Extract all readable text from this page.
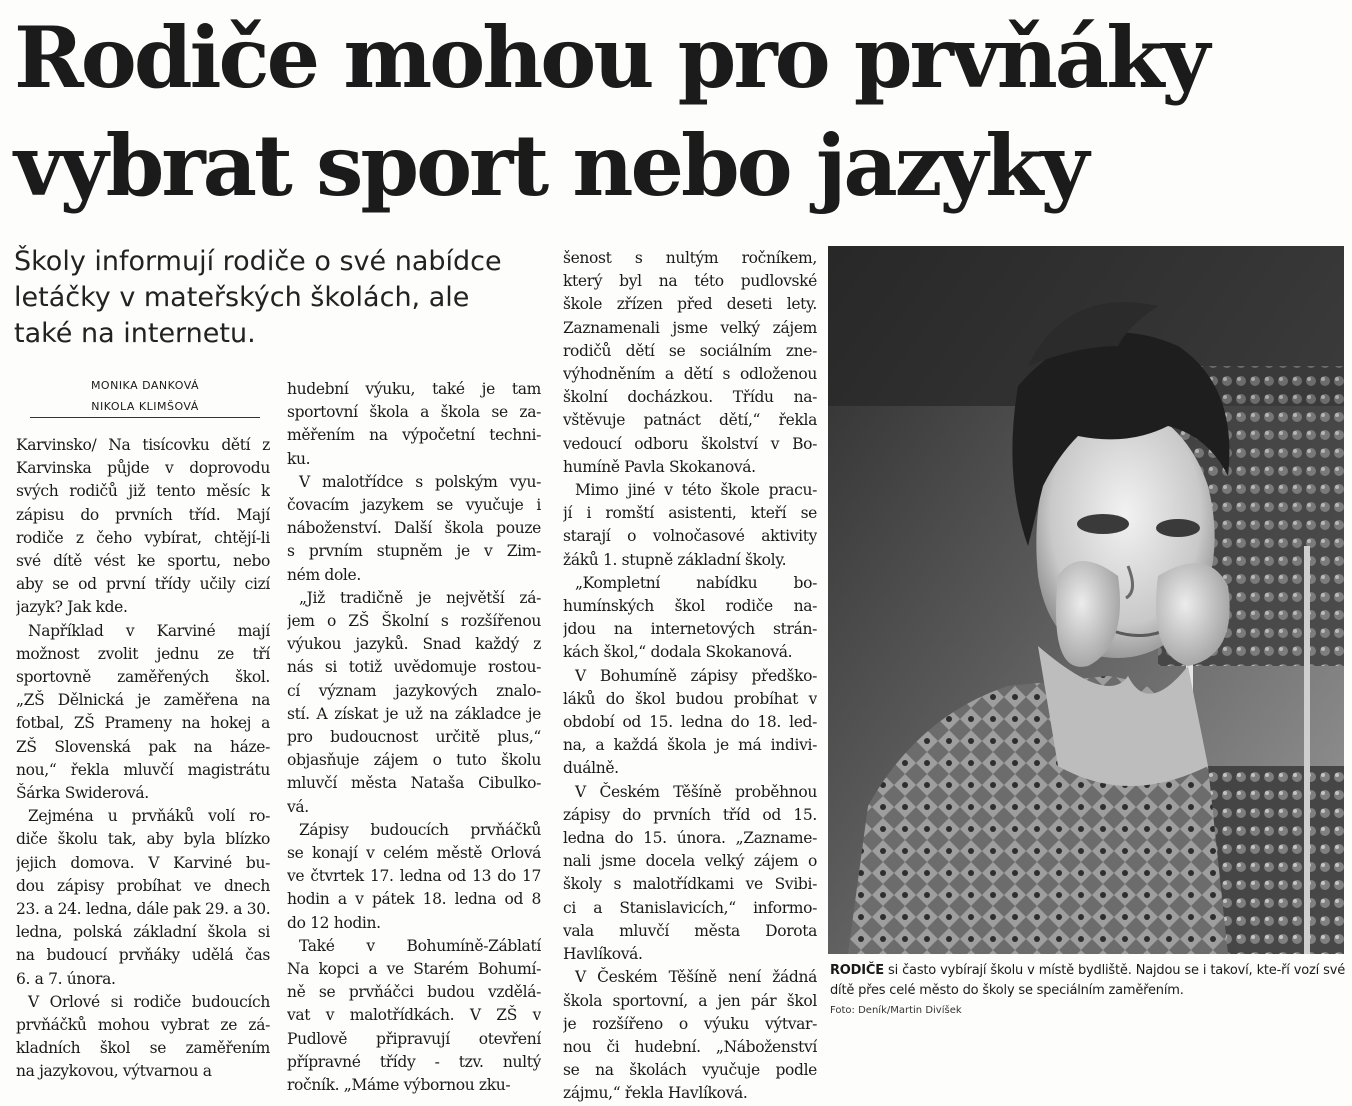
Rodiče mohou pro prvňáky
vybrat sport nebo jazyky
Školy informují rodiče o své nabídce letáčky v mateřských školách, ale také na internetu.
MONIKA DANKOVÁ
NIKOLA KLIMŠOVÁ
Karvinsko/ Na tisícovku dětí z
Karvinska půjde v doprovodu
svých rodičů již tento měsíc k
zápisu do prvních tříd. Mají
rodiče z čeho vybírat, chtějí-li
své dítě vést ke sportu, nebo
aby se od první třídy učily cizí
jazyk? Jak kde.
Například v Karviné mají
možnost zvolit jednu ze tří
sportovně zaměřených škol.
„ZŠ Dělnická je zaměřena na
fotbal, ZŠ Prameny na hokej a
ZŠ Slovenská pak na háze-
nou,“ řekla mluvčí magistrátu
Šárka Swiderová.
Zejména u prvňáků volí ro-
diče školu tak, aby byla blízko
jejich domova. V Karviné bu-
dou zápisy probíhat ve dnech
23. a 24. ledna, dále pak 29. a 30.
ledna, polská základní škola si
na budoucí prvňáky udělá čas
6. a 7. února.
V Orlové si rodiče budoucích
prvňáčků mohou vybrat ze zá-
kladních škol se zaměřením
na jazykovou, výtvarnou a
hudební výuku, také je tam
sportovní škola a škola se za-
měřením na výpočetní techni-
ku.
V malotřídce s polským vyu-
čovacím jazykem se vyučuje i
náboženství. Další škola pouze
s prvním stupněm je v Zim-
ném dole.
„Již tradičně je největší zá-
jem o ZŠ Školní s rozšířenou
výukou jazyků. Snad každý z
nás si totiž uvědomuje rostou-
cí význam jazykových znalo-
stí. A získat je už na základce je
pro budoucnost určitě plus,“
objasňuje zájem o tuto školu
mluvčí města Nataša Cibulko-
vá.
Zápisy budoucích prvňáčků
se konají v celém městě Orlová
ve čtvrtek 17. ledna od 13 do 17
hodin a v pátek 18. ledna od 8
do 12 hodin.
Také v Bohumíně-Záblatí
Na kopci a ve Starém Bohumí-
ně se prvňáčci budou vzdělá-
vat v malotřídkách. V ZŠ v
Pudlově připravují otevření
přípravné třídy - tzv. nultý
ročník. „Máme výbornou zku-
šenost s nultým ročníkem,
který byl na této pudlovské
škole zřízen před deseti lety.
Zaznamenali jsme velký zájem
rodičů dětí se sociálním zne-
výhodněním a dětí s odloženou
školní docházkou. Třídu na-
vštěvuje patnáct dětí,“ řekla
vedoucí odboru školství v Bo-
humíně Pavla Skokanová.
Mimo jiné v této škole pracu-
jí i romští asistenti, kteří se
starají o volnočasové aktivity
žáků 1. stupně základní školy.
„Kompletní nabídku bo-
humínských škol rodiče na-
jdou na internetových strán-
kách škol,“ dodala Skokanová.
V Bohumíně zápisy předško-
láků do škol budou probíhat v
období od 15. ledna do 18. led-
na, a každá škola je má indivi-
duálně.
V Českém Těšíně proběhnou
zápisy do prvních tříd od 15.
ledna do 15. února. „Zazname-
nali jsme docela velký zájem o
školy s malotřídkami ve Svibi-
ci a Stanislavicích,“ informo-
vala mluvčí města Dorota
Havlíková.
V Českém Těšíně není žádná
škola sportovní, a jen pár škol
je rozšířeno o výuku výtvar-
nou či hudební. „Náboženství
se na školách vyučuje podle
zájmu,“ řekla Havlíková.
RODIČE si často vybírají školu v místě bydliště. Najdou se i takoví, kte-ří vozí své dítě přes celé město do školy se speciálním zaměřením.
Foto: Deník/Martin Divíšek
